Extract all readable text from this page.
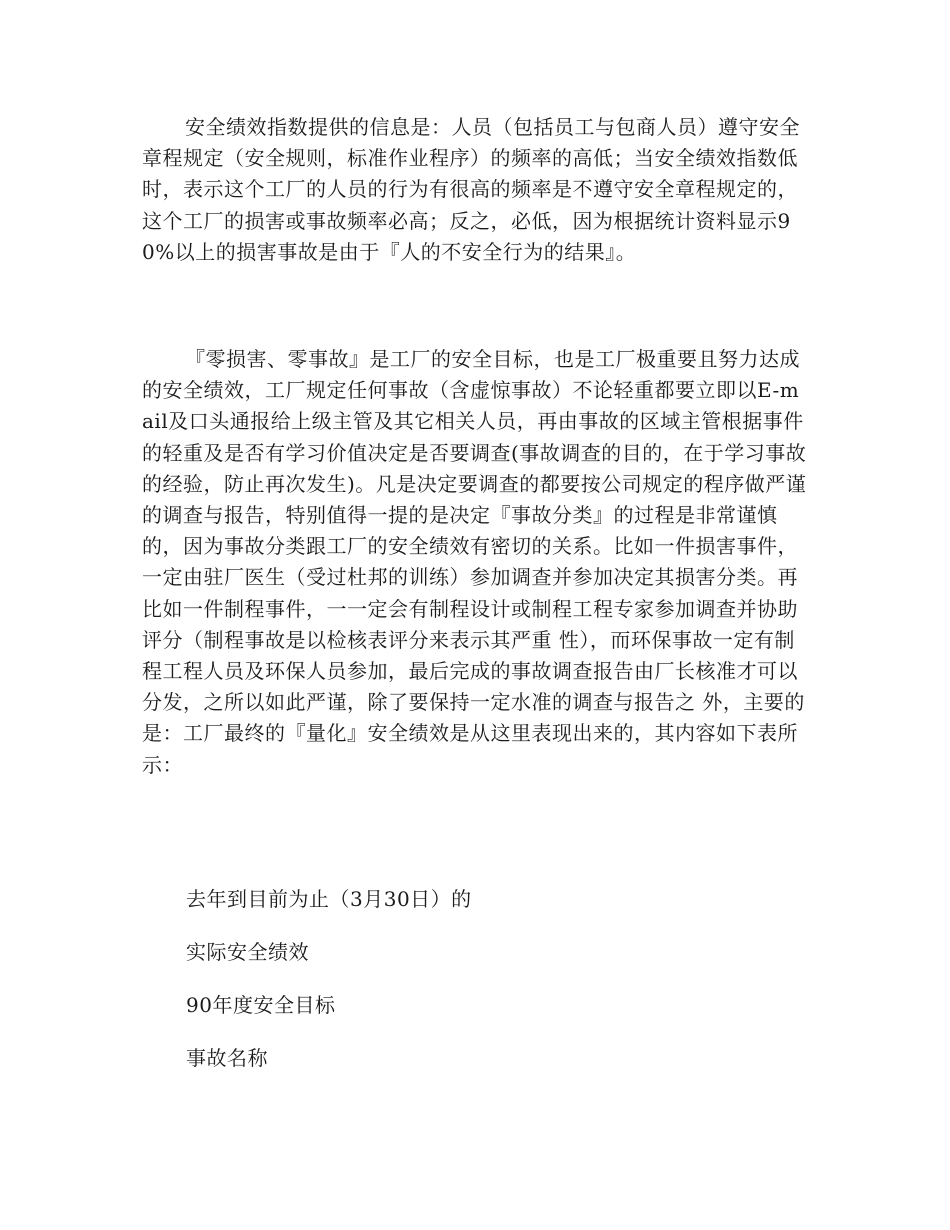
安全绩效指数提供的信息是：人员（包括员工与包商人员）遵守安全章程规定（安全规则，标准作业程序）的频率的高低；当安全绩效指数低时，表示这个工厂的人员的行为有很高的频率是不遵守安全章程规定的，这个工厂的损害或事故频率必高；反之，必低，因为根据统计资料显示90%以上的损害事故是由于『人的不安全行为的结果』。

『零损害、零事故』是工厂的安全目标，也是工厂极重要且努力达成的安全绩效，工厂规定任何事故（含虚惊事故）不论轻重都要立即以E-mail及口头通报给上级主管及其它相关人员，再由事故的区域主管根据事件的轻重及是否有学习价值决定是否要调查(事故调查的目的，在于学习事故的经验，防止再次发生)。凡是决定要调查的都要按公司规定的程序做严谨的调查与报告，特别值得一提的是决定『事故分类』的过程是非常谨慎的，因为事故分类跟工厂的安全绩效有密切的关系。比如一件损害事件，一定由驻厂医生（受过杜邦的训练）参加调查并参加决定其损害分类。再比如一件制程事件，一一定会有制程设计或制程工程专家参加调查并协助评分（制程事故是以检核表评分来表示其严重 性），而环保事故一定有制程工程人员及环保人员参加，最后完成的事故调查报告由厂长核准才可以分发，之所以如此严谨，除了要保持一定水准的调查与报告之 外，主要的是：工厂最终的『量化』安全绩效是从这里表现出来的，其内容如下表所示：

去年到目前为止（3月30日）的

实际安全绩效

90年度安全目标

事故名称
